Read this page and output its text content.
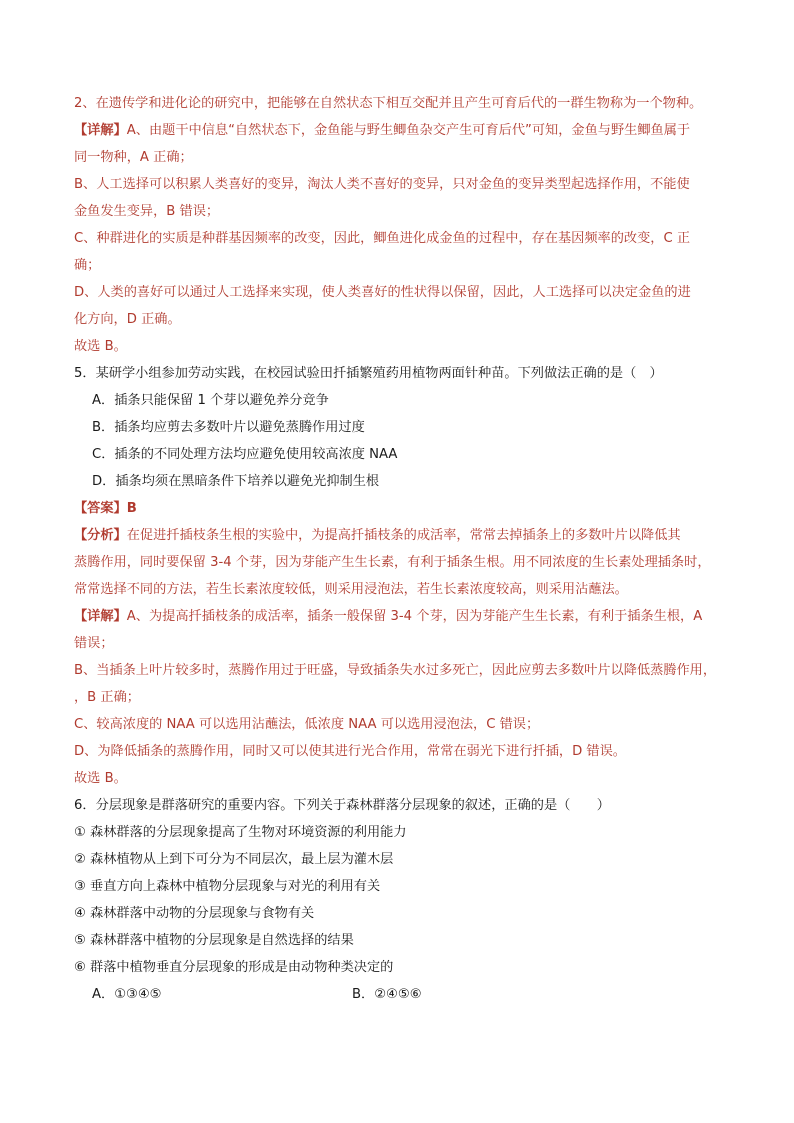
2、在遗传学和进化论的研究中，把能够在自然状态下相互交配并且产生可育后代的一群生物称为一个物种。
【详解】A、由题干中信息“自然状态下，金鱼能与野生鲫鱼杂交产生可育后代”可知，金鱼与野生鲫鱼属于
同一物种，A 正确；
B、人工选择可以积累人类喜好的变异，淘汰人类不喜好的变异，只对金鱼的变异类型起选择作用，不能使
金鱼发生变异，B 错误；
C、种群进化的实质是种群基因频率的改变，因此，鲫鱼进化成金鱼的过程中，存在基因频率的改变，C 正
确；
D、人类的喜好可以通过人工选择来实现，使人类喜好的性状得以保留，因此，人工选择可以决定金鱼的进
化方向，D 正确。
故选 B。
5．某研学小组参加劳动实践，在校园试验田扦插繁殖药用植物两面针种苗。下列做法正确的是（　）
A．插条只能保留 1 个芽以避免养分竞争
B．插条均应剪去多数叶片以避免蒸腾作用过度
C．插条的不同处理方法均应避免使用较高浓度 NAA
D．插条均须在黑暗条件下培养以避免光抑制生根
【答案】B
【分析】在促进扦插枝条生根的实验中，为提高扦插枝条的成活率，常常去掉插条上的多数叶片以降低其
蒸腾作用，同时要保留 3-4 个芽，因为芽能产生生长素，有利于插条生根。用不同浓度的生长素处理插条时，
常常选择不同的方法，若生长素浓度较低，则采用浸泡法，若生长素浓度较高，则采用沾蘸法。
【详解】A、为提高扦插枝条的成活率，插条一般保留 3-4 个芽，因为芽能产生生长素，有利于插条生根，A
错误；
B、当插条上叶片较多时，蒸腾作用过于旺盛，导致插条失水过多死亡，因此应剪去多数叶片以降低蒸腾作用，
，B 正确；
C、较高浓度的 NAA 可以选用沾蘸法，低浓度 NAA 可以选用浸泡法，C 错误；
D、为降低插条的蒸腾作用，同时又可以使其进行光合作用，常常在弱光下进行扦插，D 错误。
故选 B。
6．分层现象是群落研究的重要内容。下列关于森林群落分层现象的叙述，正确的是（　　）
① 森林群落的分层现象提高了生物对环境资源的利用能力
② 森林植物从上到下可分为不同层次，最上层为灌木层
③ 垂直方向上森林中植物分层现象与对光的利用有关
④ 森林群落中动物的分层现象与食物有关
⑤ 森林群落中植物的分层现象是自然选择的结果
⑥ 群落中植物垂直分层现象的形成是由动物种类决定的
A．①③④⑤	B．②④⑤⑥
